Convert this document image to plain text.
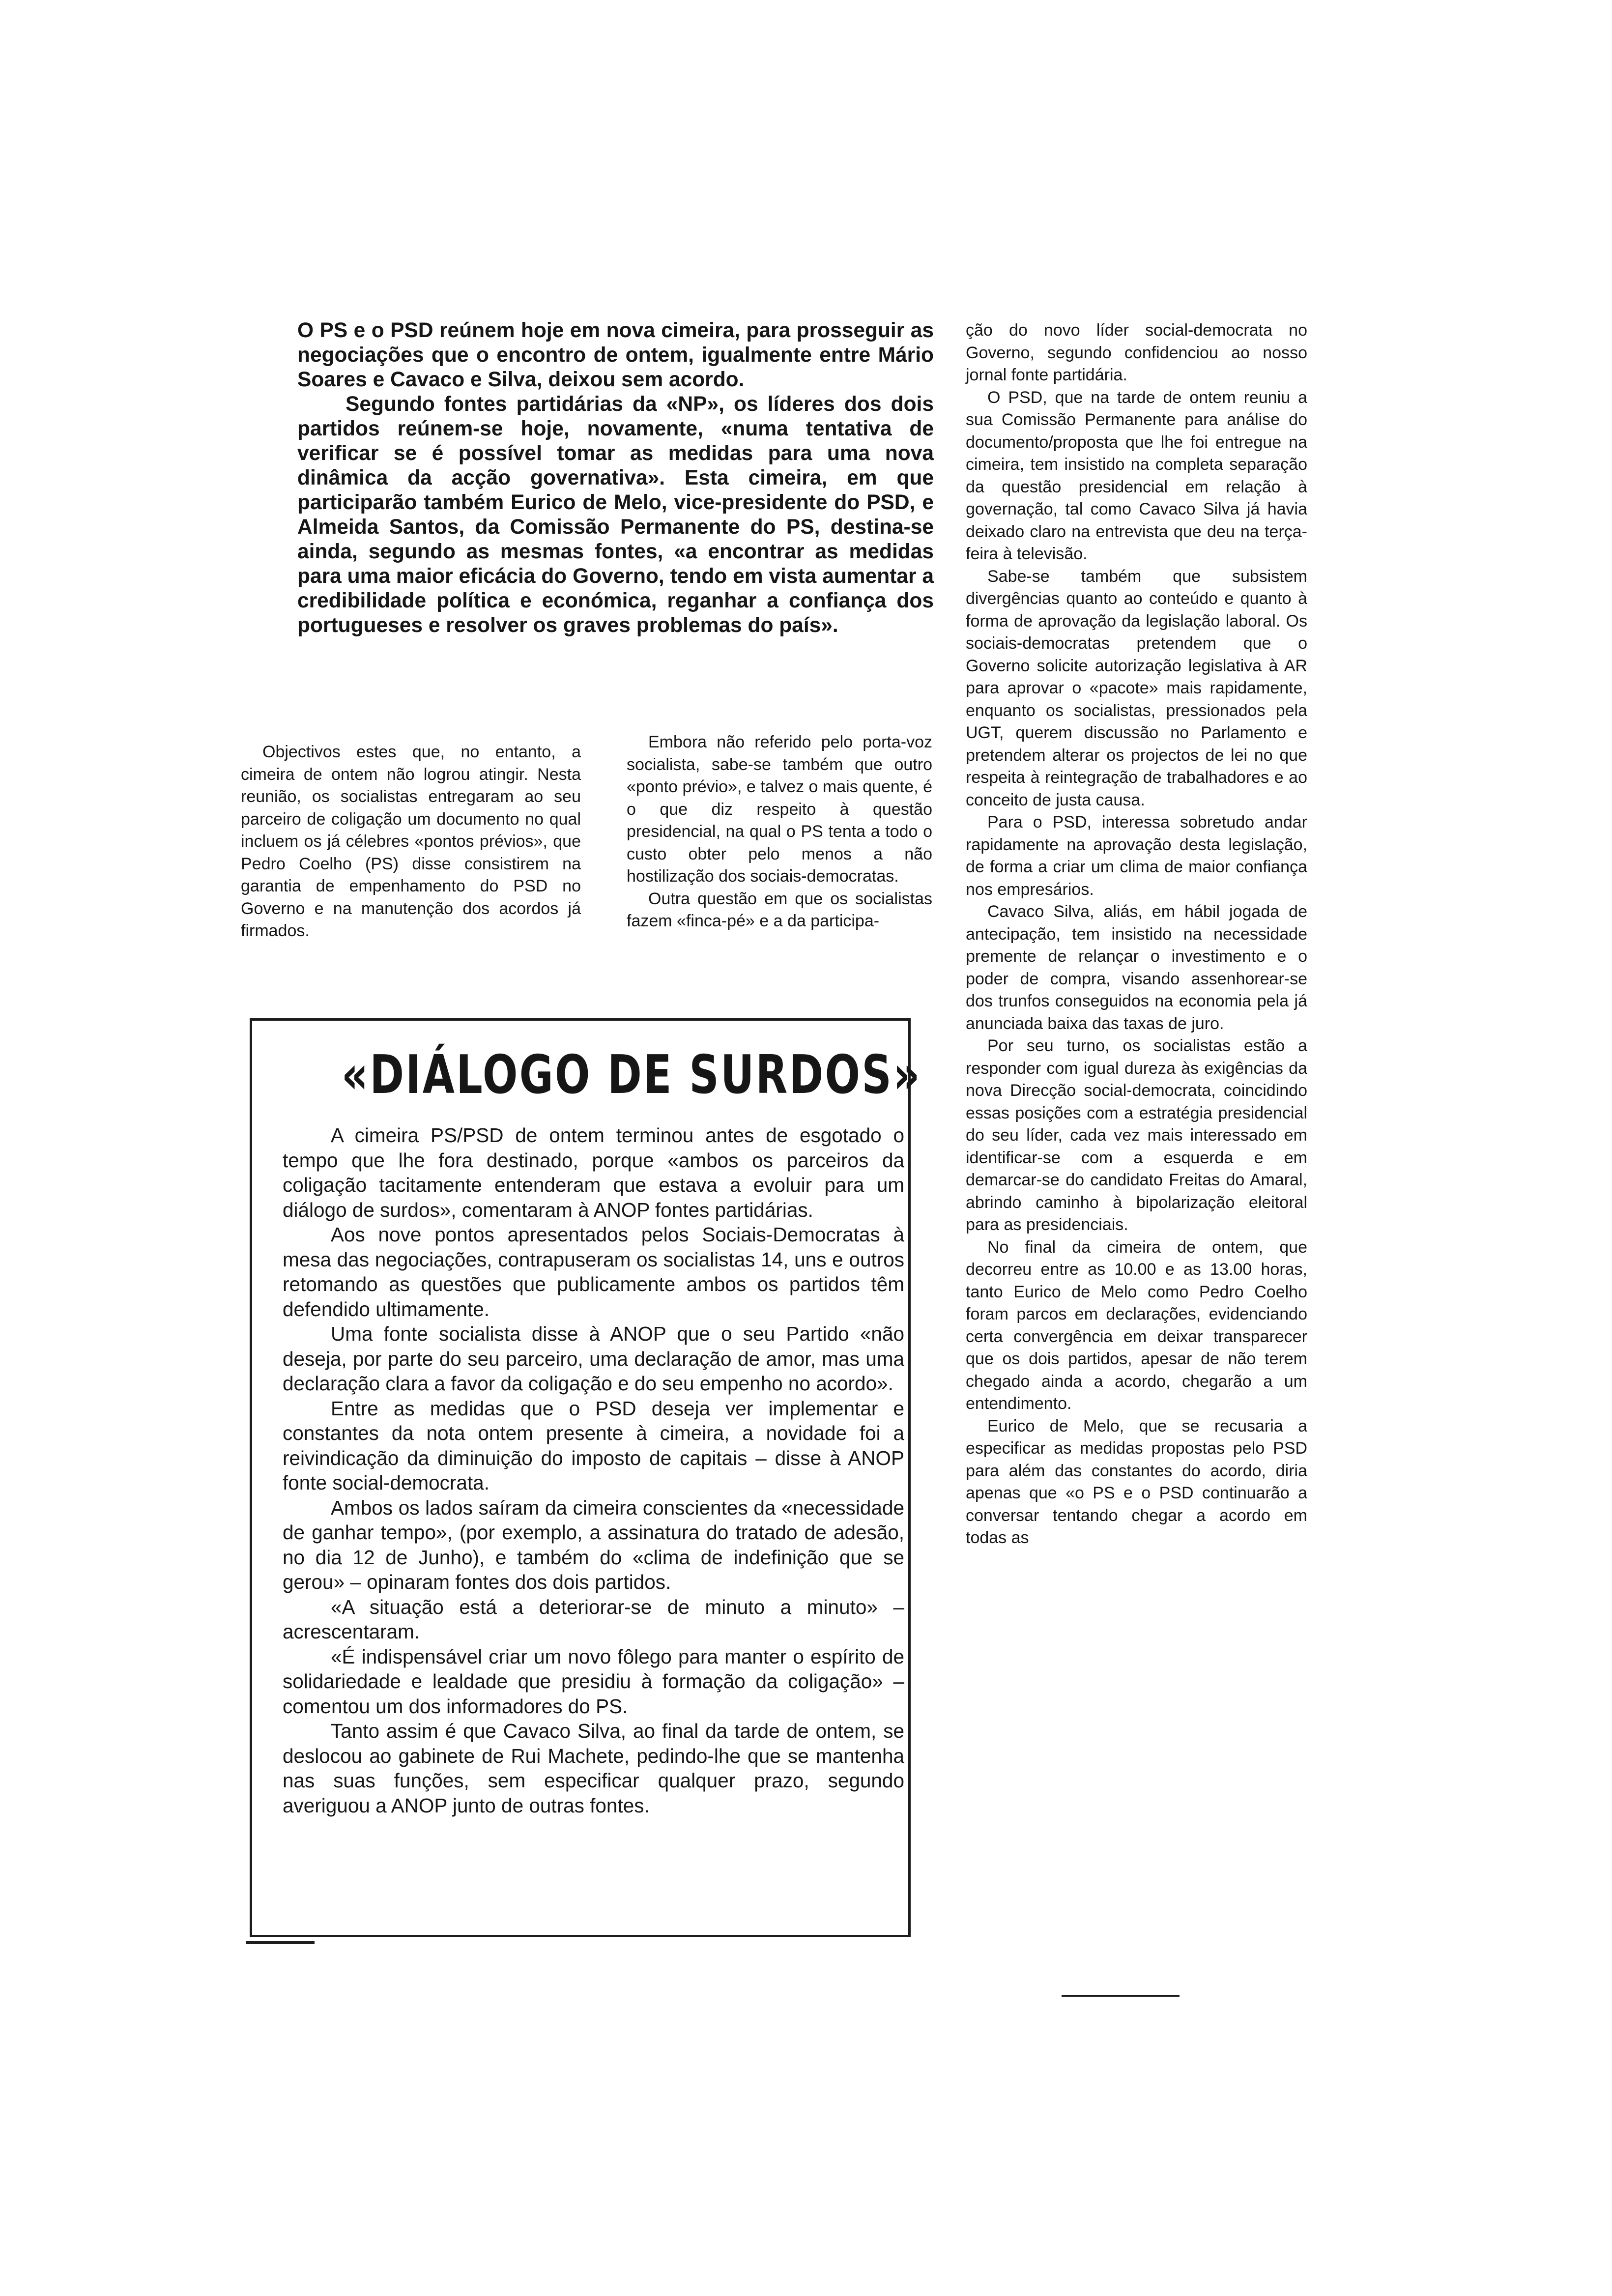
O PS e o PSD reúnem hoje em nova cimeira, para prosseguir as negociações que o encontro de ontem, igualmente entre Mário Soares e Cavaco e Silva, deixou sem acordo.

Segundo fontes partidárias da «NP», os líderes dos dois partidos reúnem-se hoje, novamente, «numa tentativa de verificar se é possível tomar as medidas para uma nova dinâmica da acção governativa». Esta cimeira, em que participarão também Eurico de Melo, vice-presidente do PSD, e Almeida Santos, da Comissão Permanente do PS, destina-se ainda, segundo as mesmas fontes, «a encontrar as medidas para uma maior eficácia do Governo, tendo em vista aumentar a credibilidade política e económica, reganhar a confiança dos portugueses e resolver os graves problemas do país».

Objectivos estes que, no entanto, a cimeira de ontem não logrou atingir. Nesta reunião, os socialistas entregaram ao seu parceiro de coligação um documento no qual incluem os já célebres «pontos prévios», que Pedro Coelho (PS) disse consistirem na garantia de empenhamento do PSD no Governo e na manutenção dos acordos já firmados.

Embora não referido pelo porta-voz socialista, sabe-se também que outro «ponto prévio», e talvez o mais quente, é o que diz respeito à questão presidencial, na qual o PS tenta a todo o custo obter pelo menos a não hostilização dos sociais-democratas.

Outra questão em que os socialistas fazem «finca-pé» e a da participa-

ção do novo líder social-democrata no Governo, segundo confidenciou ao nosso jornal fonte partidária.

O PSD, que na tarde de ontem reuniu a sua Comissão Permanente para análise do documento/proposta que lhe foi entregue na cimeira, tem insistido na completa separação da questão presidencial em relação à governação, tal como Cavaco Silva já havia deixado claro na entrevista que deu na terça-feira à televisão.

Sabe-se também que subsistem divergências quanto ao conteúdo e quanto à forma de aprovação da legislação laboral. Os sociais-democratas pretendem que o Governo solicite autorização legislativa à AR para aprovar o «pacote» mais rapidamente, enquanto os socialistas, pressionados pela UGT, querem discussão no Parlamento e pretendem alterar os projectos de lei no que respeita à reintegração de trabalhadores e ao conceito de justa causa.

Para o PSD, interessa sobretudo andar rapidamente na aprovação desta legislação, de forma a criar um clima de maior confiança nos empresários.

Cavaco Silva, aliás, em hábil jogada de antecipação, tem insistido na necessidade premente de relançar o investimento e o poder de compra, visando assenhorear-se dos trunfos conseguidos na economia pela já anunciada baixa das taxas de juro.

Por seu turno, os socialistas estão a responder com igual dureza às exigências da nova Direcção social-democrata, coincidindo essas posições com a estratégia presidencial do seu líder, cada vez mais interessado em identificar-se com a esquerda e em demarcar-se do candidato Freitas do Amaral, abrindo caminho à bipolarização eleitoral para as presidenciais.

No final da cimeira de ontem, que decorreu entre as 10.00 e as 13.00 horas, tanto Eurico de Melo como Pedro Coelho foram parcos em declarações, evidenciando certa convergência em deixar transparecer que os dois partidos, apesar de não terem chegado ainda a acordo, chegarão a um entendimento.

Eurico de Melo, que se recusaria a especificar as medidas propostas pelo PSD para além das constantes do acordo, diria apenas que «o PS e o PSD continuarão a conversar tentando chegar a acordo em todas as

«DIÁLOGO DE SURDOS»

A cimeira PS/PSD de ontem terminou antes de esgotado o tempo que lhe fora destinado, porque «ambos os parceiros da coligação tacitamente entenderam que estava a evoluir para um diálogo de surdos», comentaram à ANOP fontes partidárias.

Aos nove pontos apresentados pelos Sociais-Democratas à mesa das negociações, contrapuseram os socialistas 14, uns e outros retomando as questões que publicamente ambos os partidos têm defendido ultimamente.

Uma fonte socialista disse à ANOP que o seu Partido «não deseja, por parte do seu parceiro, uma declaração de amor, mas uma declaração clara a favor da coligação e do seu empenho no acordo».

Entre as medidas que o PSD deseja ver implementar e constantes da nota ontem presente à cimeira, a novidade foi a reivindicação da diminuição do imposto de capitais – disse à ANOP fonte social-democrata.

Ambos os lados saíram da cimeira conscientes da «necessidade de ganhar tempo», (por exemplo, a assinatura do tratado de adesão, no dia 12 de Junho), e também do «clima de indefinição que se gerou» – opinaram fontes dos dois partidos.

«A situação está a deteriorar-se de minuto a minuto» – acrescentaram.

«É indispensável criar um novo fôlego para manter o espírito de solidariedade e lealdade que presidiu à formação da coligação» – comentou um dos informadores do PS.

Tanto assim é que Cavaco Silva, ao final da tarde de ontem, se deslocou ao gabinete de Rui Machete, pedindo-lhe que se mantenha nas suas funções, sem especificar qualquer prazo, segundo averiguou a ANOP junto de outras fontes.
